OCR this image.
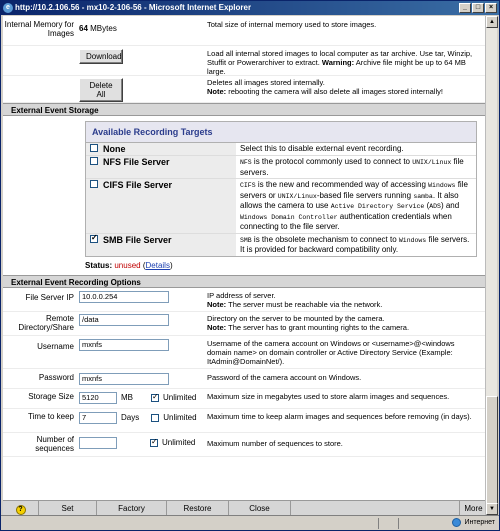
e http://10.2.106.56 - mx10-2-106-56 - Microsoft Internet Explorer	_	□	×
Internal Memory for Images
64 MBytes	Total size of internal memory used to store images.
Download	Load all internal stored images to local computer as tar archive. Use tar, Winzip, Stuffit or Powerarchiver to extract. Warning: Archive file might be up to 64 MB large.
Delete All
Deletes all images stored internally.
Note: rebooting the camera will also delete all images stored internally!
External Event Storage
Available Recording Targets
None	Select this to disable external event recording.
NFS File Server	NFS is the protocol commonly used to connect to UNIX/Linux file servers.
CIFS File Server	CIFS is the new and recommended way of accessing Windows file servers or UNIX/Linux-based file servers running samba. It also allows the camera to use Active Directory Service (ADS) and Windows Domain Controller authentication credentials when connecting to the file server.
✓
SMB File Server	SMB is the obsolete mechanism to connect to Windows file servers. It is provided for backward compatibility only.
Status: unused (Details)
External Event Recording Options
File Server IP
10.0.0.254	IP address of server.
Note: The server must be reachable via the network.
Remote Directory/Share
/data
Directory on the server to be mounted by the camera.
Note: The server has to grant mounting rights to the camera.
Username
mxnfs	Username of the camera account on Windows or <username>@<windows domain name> on domain controller or Active Directory Service (Example: ItAdmin@DomainNet/).
Password
mxnfs	Password of the camera account on Windows.
Storage Size
5120	MB
✓	Unlimited Maximum size in megabytes used to store alarm images and sequences.
Time to keep
7	Days	Unlimited Maximum time to keep alarm images and sequences before removing (in days).
Number of sequences
✓
Unlimited Maximum number of sequences to store.
?	Set	Factory	Restore	Close	More
▲
▼
Интернет
